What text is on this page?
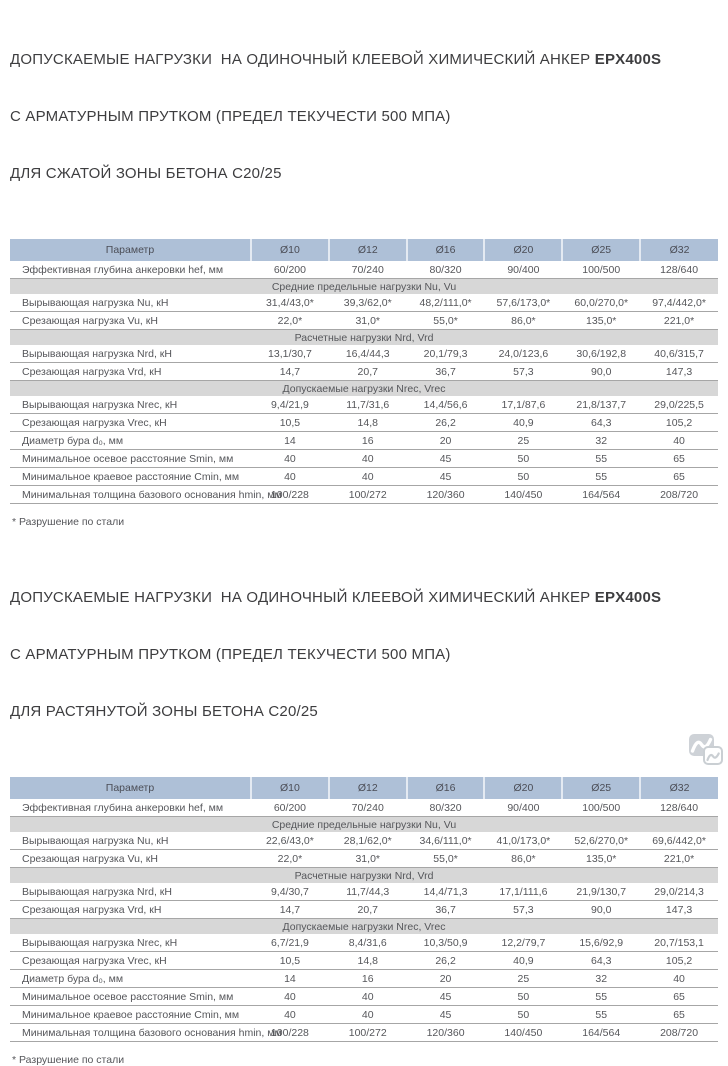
ДОПУСКАЕМЫЕ НАГРУЗКИ  НА ОДИНОЧНЫЙ КЛЕЕВОЙ ХИМИЧЕСКИЙ АНКЕР EPX400S

С АРМАТУРНЫМ ПРУТКОМ (ПРЕДЕЛ ТЕКУЧЕСТИ 500 МПА)

ДЛЯ СЖАТОЙ ЗОНЫ БЕТОНА С20/25

Параметр	Ø10	Ø12	Ø16	Ø20	Ø25	Ø32
Эффективная глубина анкеровки hef, мм	60/200	70/240	80/320	90/400	100/500	128/640
Средние предельные нагрузки Nu, Vu						
Вырывающая нагрузка Nu, кН	31,4/43,0*	39,3/62,0*	48,2/111,0*	57,6/173,0*	60,0/270,0*	97,4/442,0*
Срезающая нагрузка Vu, кН	22,0*	31,0*	55,0*	86,0*	135,0*	221,0*
Расчетные нагрузки Nrd, Vrd						
Вырывающая нагрузка Nrd, кН	13,1/30,7	16,4/44,3	20,1/79,3	24,0/123,6	30,6/192,8	40,6/315,7
Срезающая нагрузка Vrd, кН	14,7	20,7	36,7	57,3	90,0	147,3
Допускаемые нагрузки Nrec, Vrec						
Вырывающая нагрузка Nrec, кН	9,4/21,9	11,7/31,6	14,4/56,6	17,1/87,6	21,8/137,7	29,0/225,5
Срезающая нагрузка Vrec, кН	10,5	14,8	26,2	40,9	64,3	105,2
Диаметр бура d₀, мм	14	16	20	25	32	40
Минимальное осевое расстояние Smin, мм	40	40	45	50	55	65
Минимальное краевое расстояние Cmin, мм	40	40	45	50	55	65
Минимальная толщина базового основания hmin, мм	100/228	100/272	120/360	140/450	164/564	208/720
* Разрушение по стали

ДОПУСКАЕМЫЕ НАГРУЗКИ  НА ОДИНОЧНЫЙ КЛЕЕВОЙ ХИМИЧЕСКИЙ АНКЕР EPX400S

С АРМАТУРНЫМ ПРУТКОМ (ПРЕДЕЛ ТЕКУЧЕСТИ 500 МПА)

ДЛЯ РАСТЯНУТОЙ ЗОНЫ БЕТОНА С20/25

Параметр	Ø10	Ø12	Ø16	Ø20	Ø25	Ø32
Эффективная глубина анкеровки hef, мм	60/200	70/240	80/320	90/400	100/500	128/640
Средние предельные нагрузки Nu, Vu						
Вырывающая нагрузка Nu, кН	22,6/43,0*	28,1/62,0*	34,6/111,0*	41,0/173,0*	52,6/270,0*	69,6/442,0*
Срезающая нагрузка Vu, кН	22,0*	31,0*	55,0*	86,0*	135,0*	221,0*
Расчетные нагрузки Nrd, Vrd						
Вырывающая нагрузка Nrd, кН	9,4/30,7	11,7/44,3	14,4/71,3	17,1/111,6	21,9/130,7	29,0/214,3
Срезающая нагрузка Vrd, кН	14,7	20,7	36,7	57,3	90,0	147,3
Допускаемые нагрузки Nrec, Vrec						
Вырывающая нагрузка Nrec, кН	6,7/21,9	8,4/31,6	10,3/50,9	12,2/79,7	15,6/92,9	20,7/153,1
Срезающая нагрузка Vrec, кН	10,5	14,8	26,2	40,9	64,3	105,2
Диаметр бура d₀, мм	14	16	20	25	32	40
Минимальное осевое расстояние Smin, мм	40	40	45	50	55	65
Минимальное краевое расстояние Cmin, мм	40	40	45	50	55	65
Минимальная толщина базового основания hmin, мм	100/228	100/272	120/360	140/450	164/564	208/720
* Разрушение по стали
